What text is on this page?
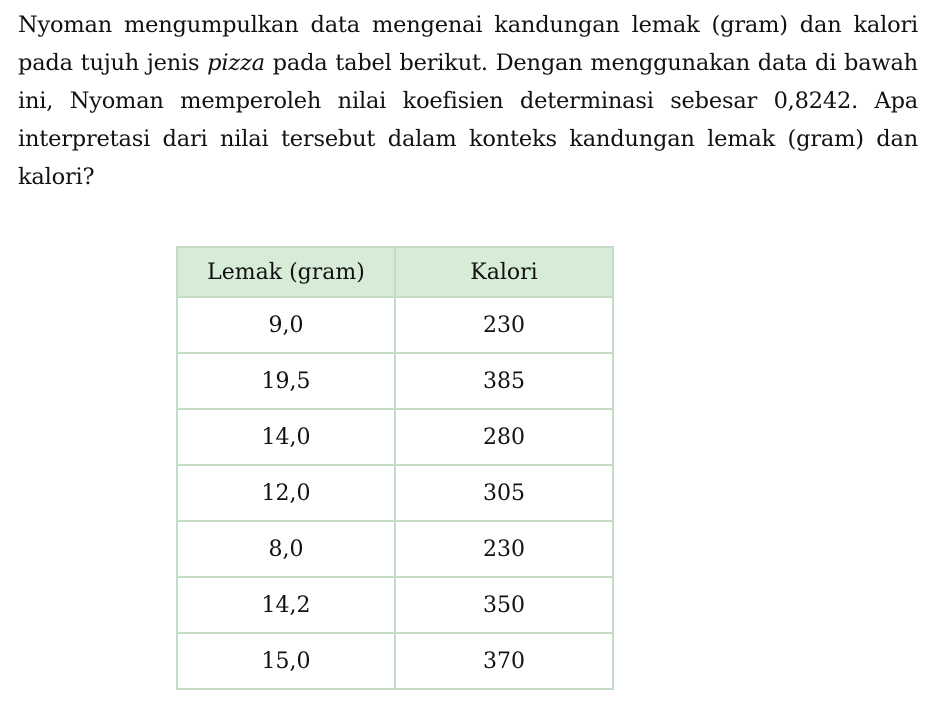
Nyoman mengumpulkan data mengenai kandungan lemak (gram) dan kalori pada tujuh jenis pizza pada tabel berikut. Dengan menggunakan data di bawah ini, Nyoman memperoleh nilai koefisien determinasi sebesar 0,8242. Apa interpretasi dari nilai tersebut dalam konteks kandungan lemak (gram) dan kalori?
Lemak (gram)	Kalori
9,0	230
19,5	385
14,0	280
12,0	305
8,0	230
14,2	350
15,0	370
